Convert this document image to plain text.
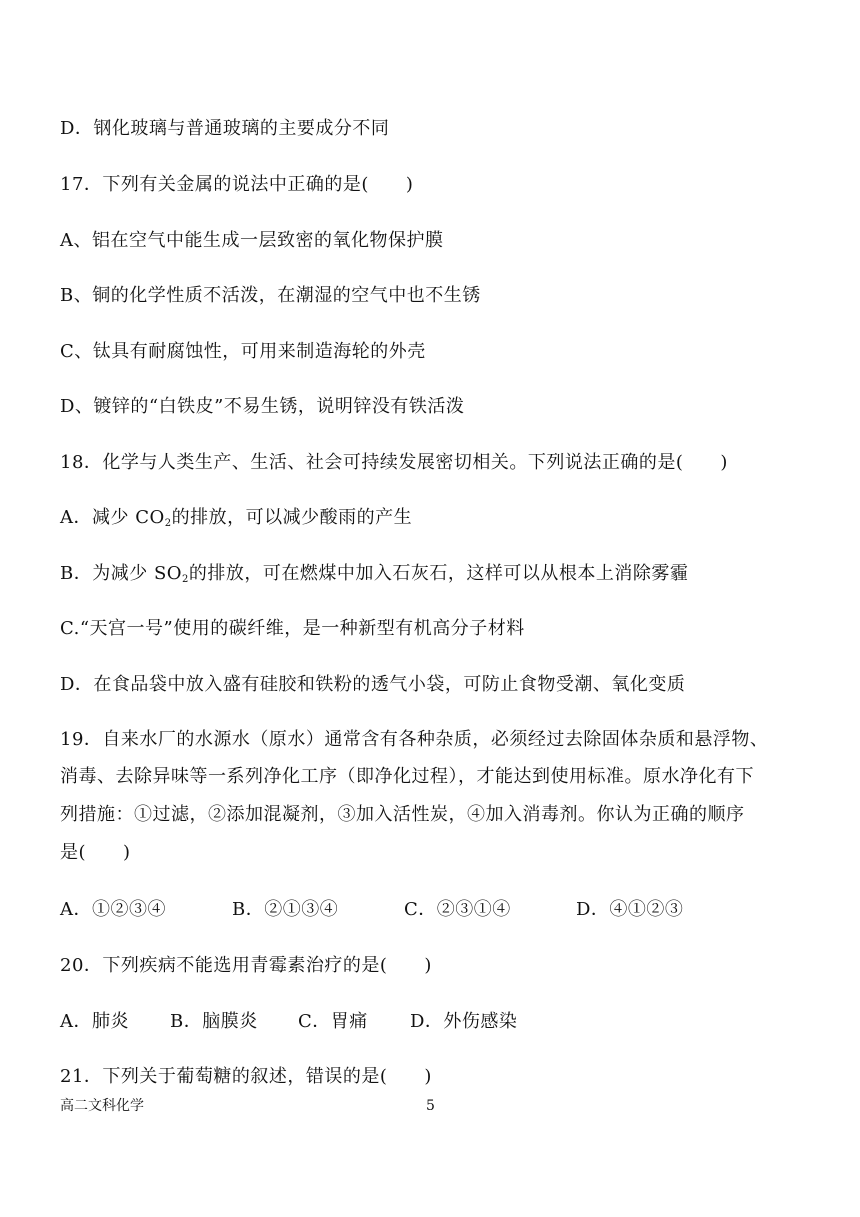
D．钢化玻璃与普通玻璃的主要成分不同
17．下列有关金属的说法中正确的是(　　)
A、铝在空气中能生成一层致密的氧化物保护膜
B、铜的化学性质不活泼，在潮湿的空气中也不生锈
C、钛具有耐腐蚀性，可用来制造海轮的外壳
D、镀锌的“白铁皮”不易生锈，说明锌没有铁活泼
18．化学与人类生产、生活、社会可持续发展密切相关。下列说法正确的是(　　)
A．减少 $CO_2$的排放，可以减少酸雨的产生
B．为减少 $SO_2$的排放，可在燃煤中加入石灰石，这样可以从根本上消除雾霾
C.“天宫一号”使用的碳纤维，是一种新型有机高分子材料
D．在食品袋中放入盛有硅胶和铁粉的透气小袋，可防止食物受潮、氧化变质
19．自来水厂的水源水（原水）通常含有各种杂质，必须经过去除固体杂质和悬浮物、
消毒、去除异味等一系列净化工序（即净化过程），才能达到使用标准。原水净化有下
列措施：①过滤，②添加混凝剂，③加入活性炭，④加入消毒剂。你认为正确的顺序
是(　　)
A．①②③④	B．②①③④	C．②③①④	D．④①②③
20．下列疾病不能选用青霉素治疗的是(　　)
A．肺炎 B．脑膜炎 C．胃痛 D．外伤感染
21．下列关于葡萄糖的叙述，错误的是(　　)
高二文科化学	5
